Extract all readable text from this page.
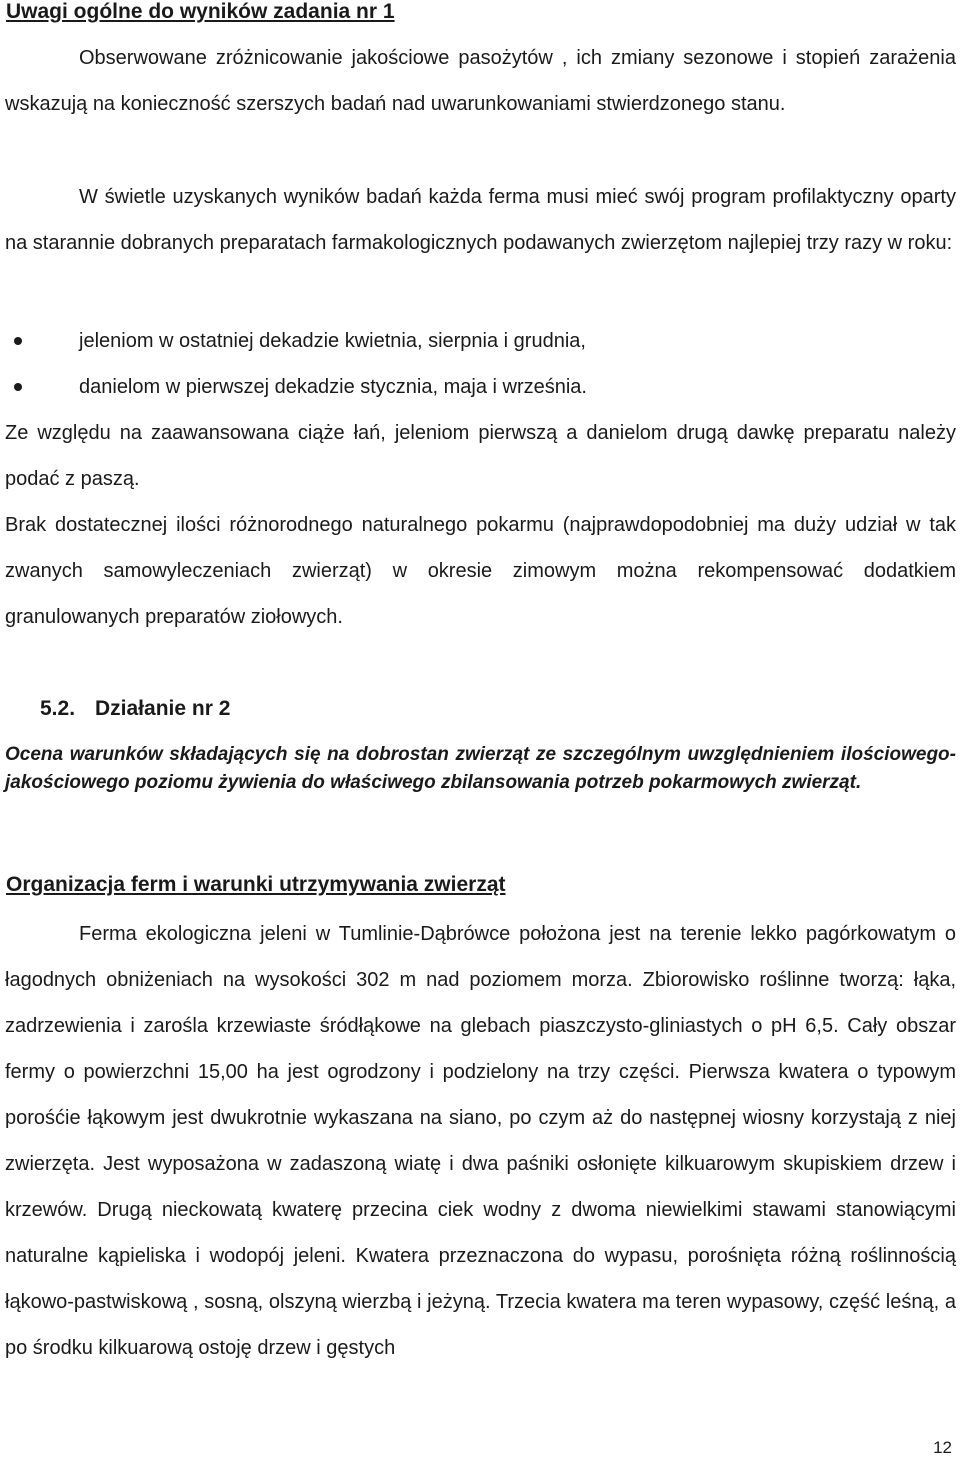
Uwagi ogólne do wyników zadania nr 1

Obserwowane zróżnicowanie jakościowe pasożytów , ich zmiany sezonowe i stopień zarażenia wskazują na konieczność szerszych badań nad uwarunkowaniami stwierdzonego stanu.

W świetle uzyskanych wyników badań każda ferma musi mieć swój program profilaktyczny oparty na starannie dobranych preparatach farmakologicznych podawanych zwierzętom najlepiej trzy razy w roku:

jeleniom w ostatniej dekadzie kwietnia, sierpnia i grudnia,
danielom w pierwszej dekadzie stycznia, maja i września.

Ze względu na zaawansowana ciąże łań, jeleniom pierwszą a danielom drugą dawkę preparatu należy podać z paszą.

Brak dostatecznej ilości różnorodnego naturalnego pokarmu (najprawdopodobniej ma duży udział w tak zwanych samowyleczeniach zwierząt) w okresie zimowym można rekompensować dodatkiem granulowanych preparatów ziołowych.

5.2. Działanie nr 2

Ocena warunków składających się na dobrostan zwierząt ze szczególnym uwzględnieniem ilościowego-jakościowego poziomu żywienia do właściwego zbilansowania potrzeb pokarmowych zwierząt.

Organizacja ferm i warunki utrzymywania zwierząt

Ferma ekologiczna jeleni w Tumlinie-Dąbrówce położona jest na terenie lekko pagórkowatym o łagodnych obniżeniach na wysokości 302 m nad poziomem morza. Zbiorowisko roślinne tworzą: łąka, zadrzewienia i zarośla krzewiaste śródłąkowe na glebach piaszczysto-gliniastych o pH 6,5. Cały obszar fermy o powierzchni 15,00 ha jest ogrodzony i podzielony na trzy części. Pierwsza kwatera o typowym porośćie łąkowym jest dwukrotnie wykaszana na siano, po czym aż do następnej wiosny korzystają z niej zwierzęta. Jest wyposażona w zadaszoną wiatę i dwa paśniki osłonięte kilkuarowym skupiskiem drzew i krzewów. Drugą nieckowatą kwaterę przecina ciek wodny z dwoma niewielkimi stawami stanowiącymi naturalne kąpieliska i wodopój jeleni. Kwatera przeznaczona do wypasu, porośnięta różną roślinnością łąkowo-pastwiskową , sosną, olszyną wierzbą i jeżyną. Trzecia kwatera ma teren wypasowy, część leśną, a po środku kilkuarową ostoję drzew i gęstych

12
